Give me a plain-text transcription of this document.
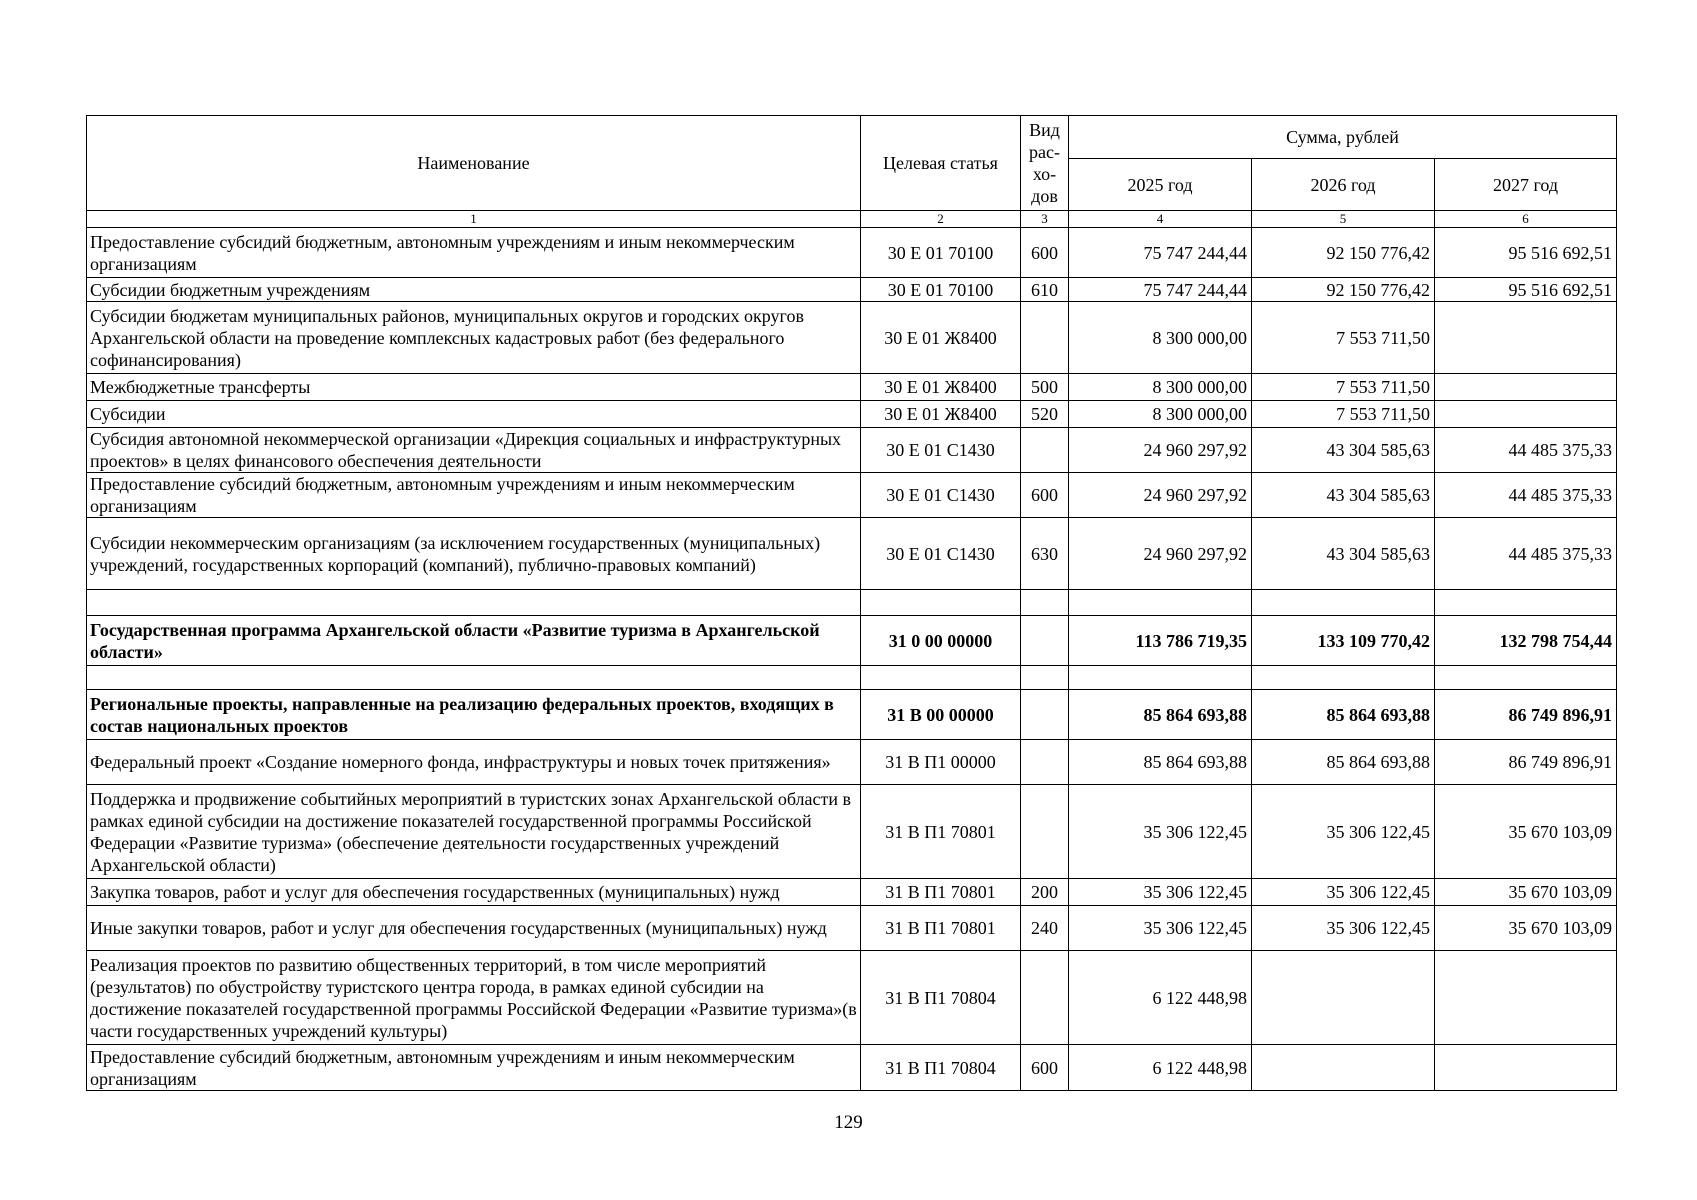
Наименование	Целевая статья	Вид рас-хо-дов	Сумма, рублей		
			2025 год	2026 год	2027 год
1	2	3	4	5	6
Предоставление субсидий бюджетным, автономным учреждениям и иным некоммерческим организациям	30 Е 01 70100	600	75 747 244,44	92 150 776,42	95 516 692,51
Субсидии бюджетным учреждениям	30 Е 01 70100	610	75 747 244,44	92 150 776,42	95 516 692,51
Субсидии бюджетам муниципальных районов, муниципальных округов и городских округов Архангельской области на проведение комплексных кадастровых работ (без федерального софинансирования)	30 Е 01 Ж8400		8 300 000,00	7 553 711,50	
Межбюджетные трансферты	30 Е 01 Ж8400	500	8 300 000,00	7 553 711,50	
Субсидии	30 Е 01 Ж8400	520	8 300 000,00	7 553 711,50	
Субсидия автономной некоммерческой организации «Дирекция социальных и инфраструктурных проектов» в целях финансового обеспечения деятельности	30 Е 01 С1430		24 960 297,92	43 304 585,63	44 485 375,33
Предоставление субсидий бюджетным, автономным учреждениям и иным некоммерческим организациям	30 Е 01 С1430	600	24 960 297,92	43 304 585,63	44 485 375,33
Субсидии некоммерческим организациям (за исключением государственных (муниципальных) учреждений, государственных корпораций (компаний), публично-правовых компаний)	30 Е 01 С1430	630	24 960 297,92	43 304 585,63	44 485 375,33

Государственная программа Архангельской области «Развитие туризма в Архангельской области»	31 0 00 00000		113 786 719,35	133 109 770,42	132 798 754,44

Региональные проекты, направленные на реализацию федеральных проектов, входящих в состав национальных проектов	31 В 00 00000		85 864 693,88	85 864 693,88	86 749 896,91
Федеральный проект «Создание номерного фонда, инфраструктуры и новых точек притяжения»	31 В П1 00000		85 864 693,88	85 864 693,88	86 749 896,91
Поддержка и продвижение событийных мероприятий в туристских зонах Архангельской области в рамках единой субсидии на достижение показателей государственной программы Российской Федерации «Развитие туризма» (обеспечение деятельности государственных учреждений Архангельской области)	31 В П1 70801		35 306 122,45	35 306 122,45	35 670 103,09
Закупка товаров, работ и услуг для обеспечения государственных (муниципальных) нужд	31 В П1 70801	200	35 306 122,45	35 306 122,45	35 670 103,09
Иные закупки товаров, работ и услуг для обеспечения государственных (муниципальных) нужд	31 В П1 70801	240	35 306 122,45	35 306 122,45	35 670 103,09
Реализация проектов по развитию общественных территорий, в том числе мероприятий (результатов) по обустройству туристского центра города, в рамках единой субсидии на достижение показателей государственной программы Российской Федерации «Развитие туризма»(в части государственных учреждений культуры)	31 В П1 70804		6 122 448,98		
Предоставление субсидий бюджетным, автономным учреждениям и иным некоммерческим организациям	31 В П1 70804	600	6 122 448,98		
129
